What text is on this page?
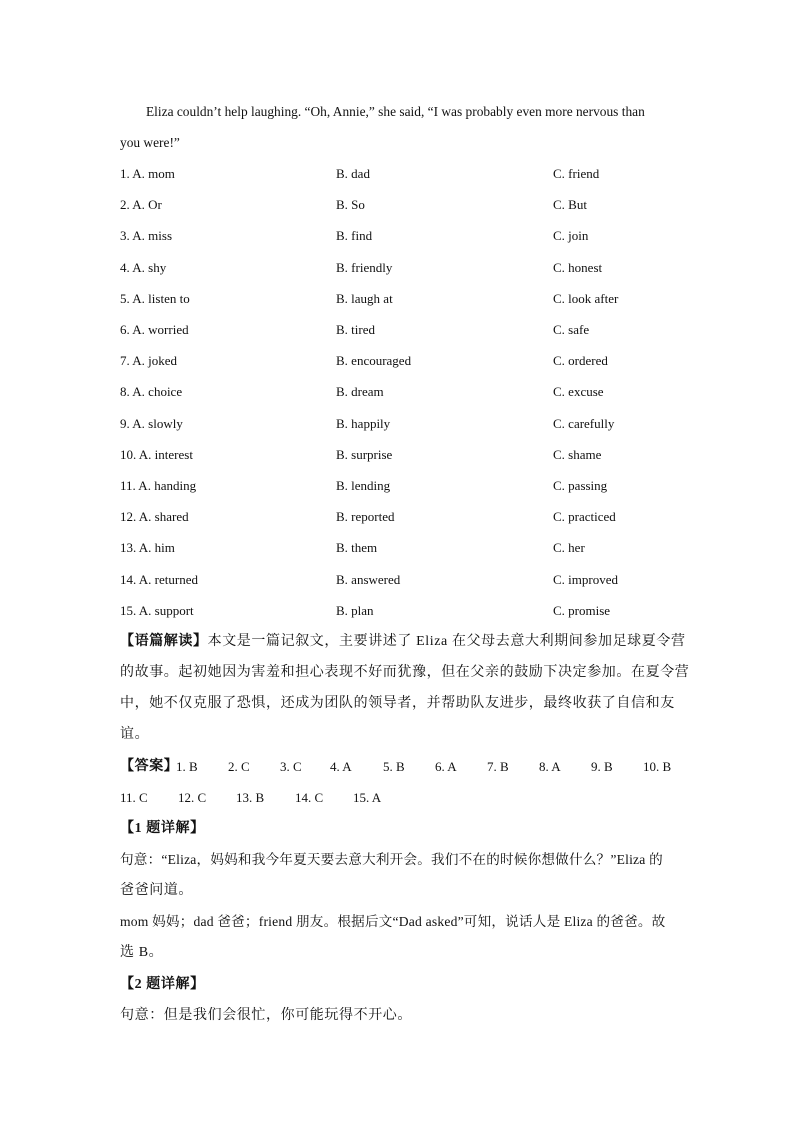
Eliza couldn’t help laughing. “Oh, Annie,” she said, “I was probably even more nervous than
you were!”
1. A. mom	B. dad	C. friend
2. A. Or	B. So	C. But
3. A. miss	B. find	C. join
4. A. shy	B. friendly	C. honest
5. A. listen to	B. laugh at	C. look after
6. A. worried	B. tired	C. safe
7. A. joked	B. encouraged	C. ordered
8. A. choice	B. dream	C. excuse
9. A. slowly	B. happily	C. carefully
10. A. interest	B. surprise	C. shame
11. A. handing	B. lending	C. passing
12. A. shared	B. reported	C. practiced
13. A. him	B. them	C. her
14. A. returned	B. answered	C. improved
15. A. support	B. plan	C. promise
【语篇解读】本文是一篇记叙文，主要讲述了 Eliza 在父母去意大利期间参加足球夏令营
的故事。起初她因为害羞和担心表现不好而犹豫，但在父亲的鼓励下决定参加。在夏令营
中，她不仅克服了恐惧，还成为团队的领导者，并帮助队友进步，最终收获了自信和友
谊。
【答案】
1. B 2. C 3. C 4. A 5. B 6. A 7. B 8. A 9. B 10. B
11. C 12. C 13. B 14. C 15. A
【1 题详解】
句意：“Eliza，妈妈和我今年夏天要去意大利开会。我们不在的时候你想做什么？”Eliza 的
爸爸问道。
mom 妈妈；dad 爸爸；friend 朋友。根据后文“Dad asked”可知，说话人是 Eliza 的爸爸。故
选 B。
【2 题详解】
句意：但是我们会很忙，你可能玩得不开心。
